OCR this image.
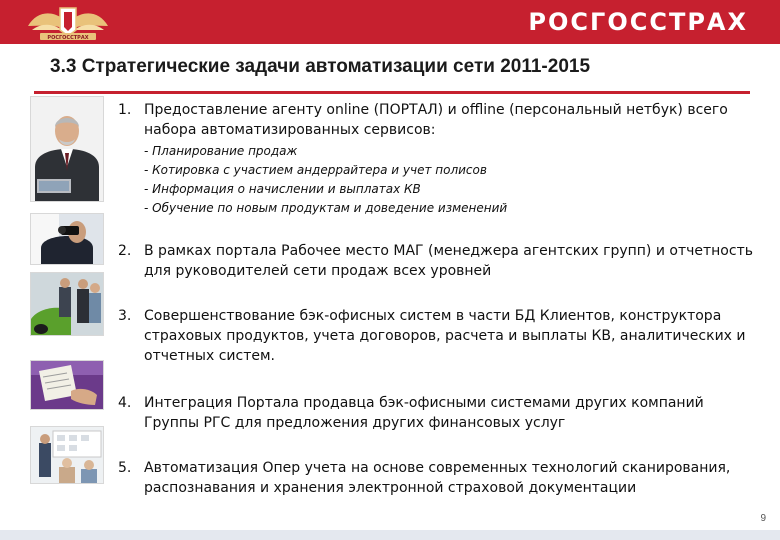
РОСГОССТРАХ
РОСГОССТРАХ
3.3 Стратегические задачи автоматизации сети 2011-2015
1. Предоставление агенту online (ПОРТАЛ) и offline (персональный нетбук) всего набора автоматизированных сервисов:
- Планирование продаж
- Котировка с участием андеррайтера и учет полисов
- Информация о начислении и выплатах КВ
- Обучение по новым продуктам и доведение изменений
2. В рамках портала Рабочее место МАГ (менеджера агентских групп) и отчетность для руководителей сети продаж всех уровней
3. Совершенствование бэк-офисных систем в части БД Клиентов, конструктора страховых продуктов, учета договоров, расчета и выплаты КВ, аналитических и отчетных систем.
4. Интеграция Портала продавца бэк-офисными системами других компаний Группы РГС для предложения других финансовых услуг
5. Автоматизация Опер учета на основе современных технологий сканирования, распознавания и хранения электронной страховой документации
9
